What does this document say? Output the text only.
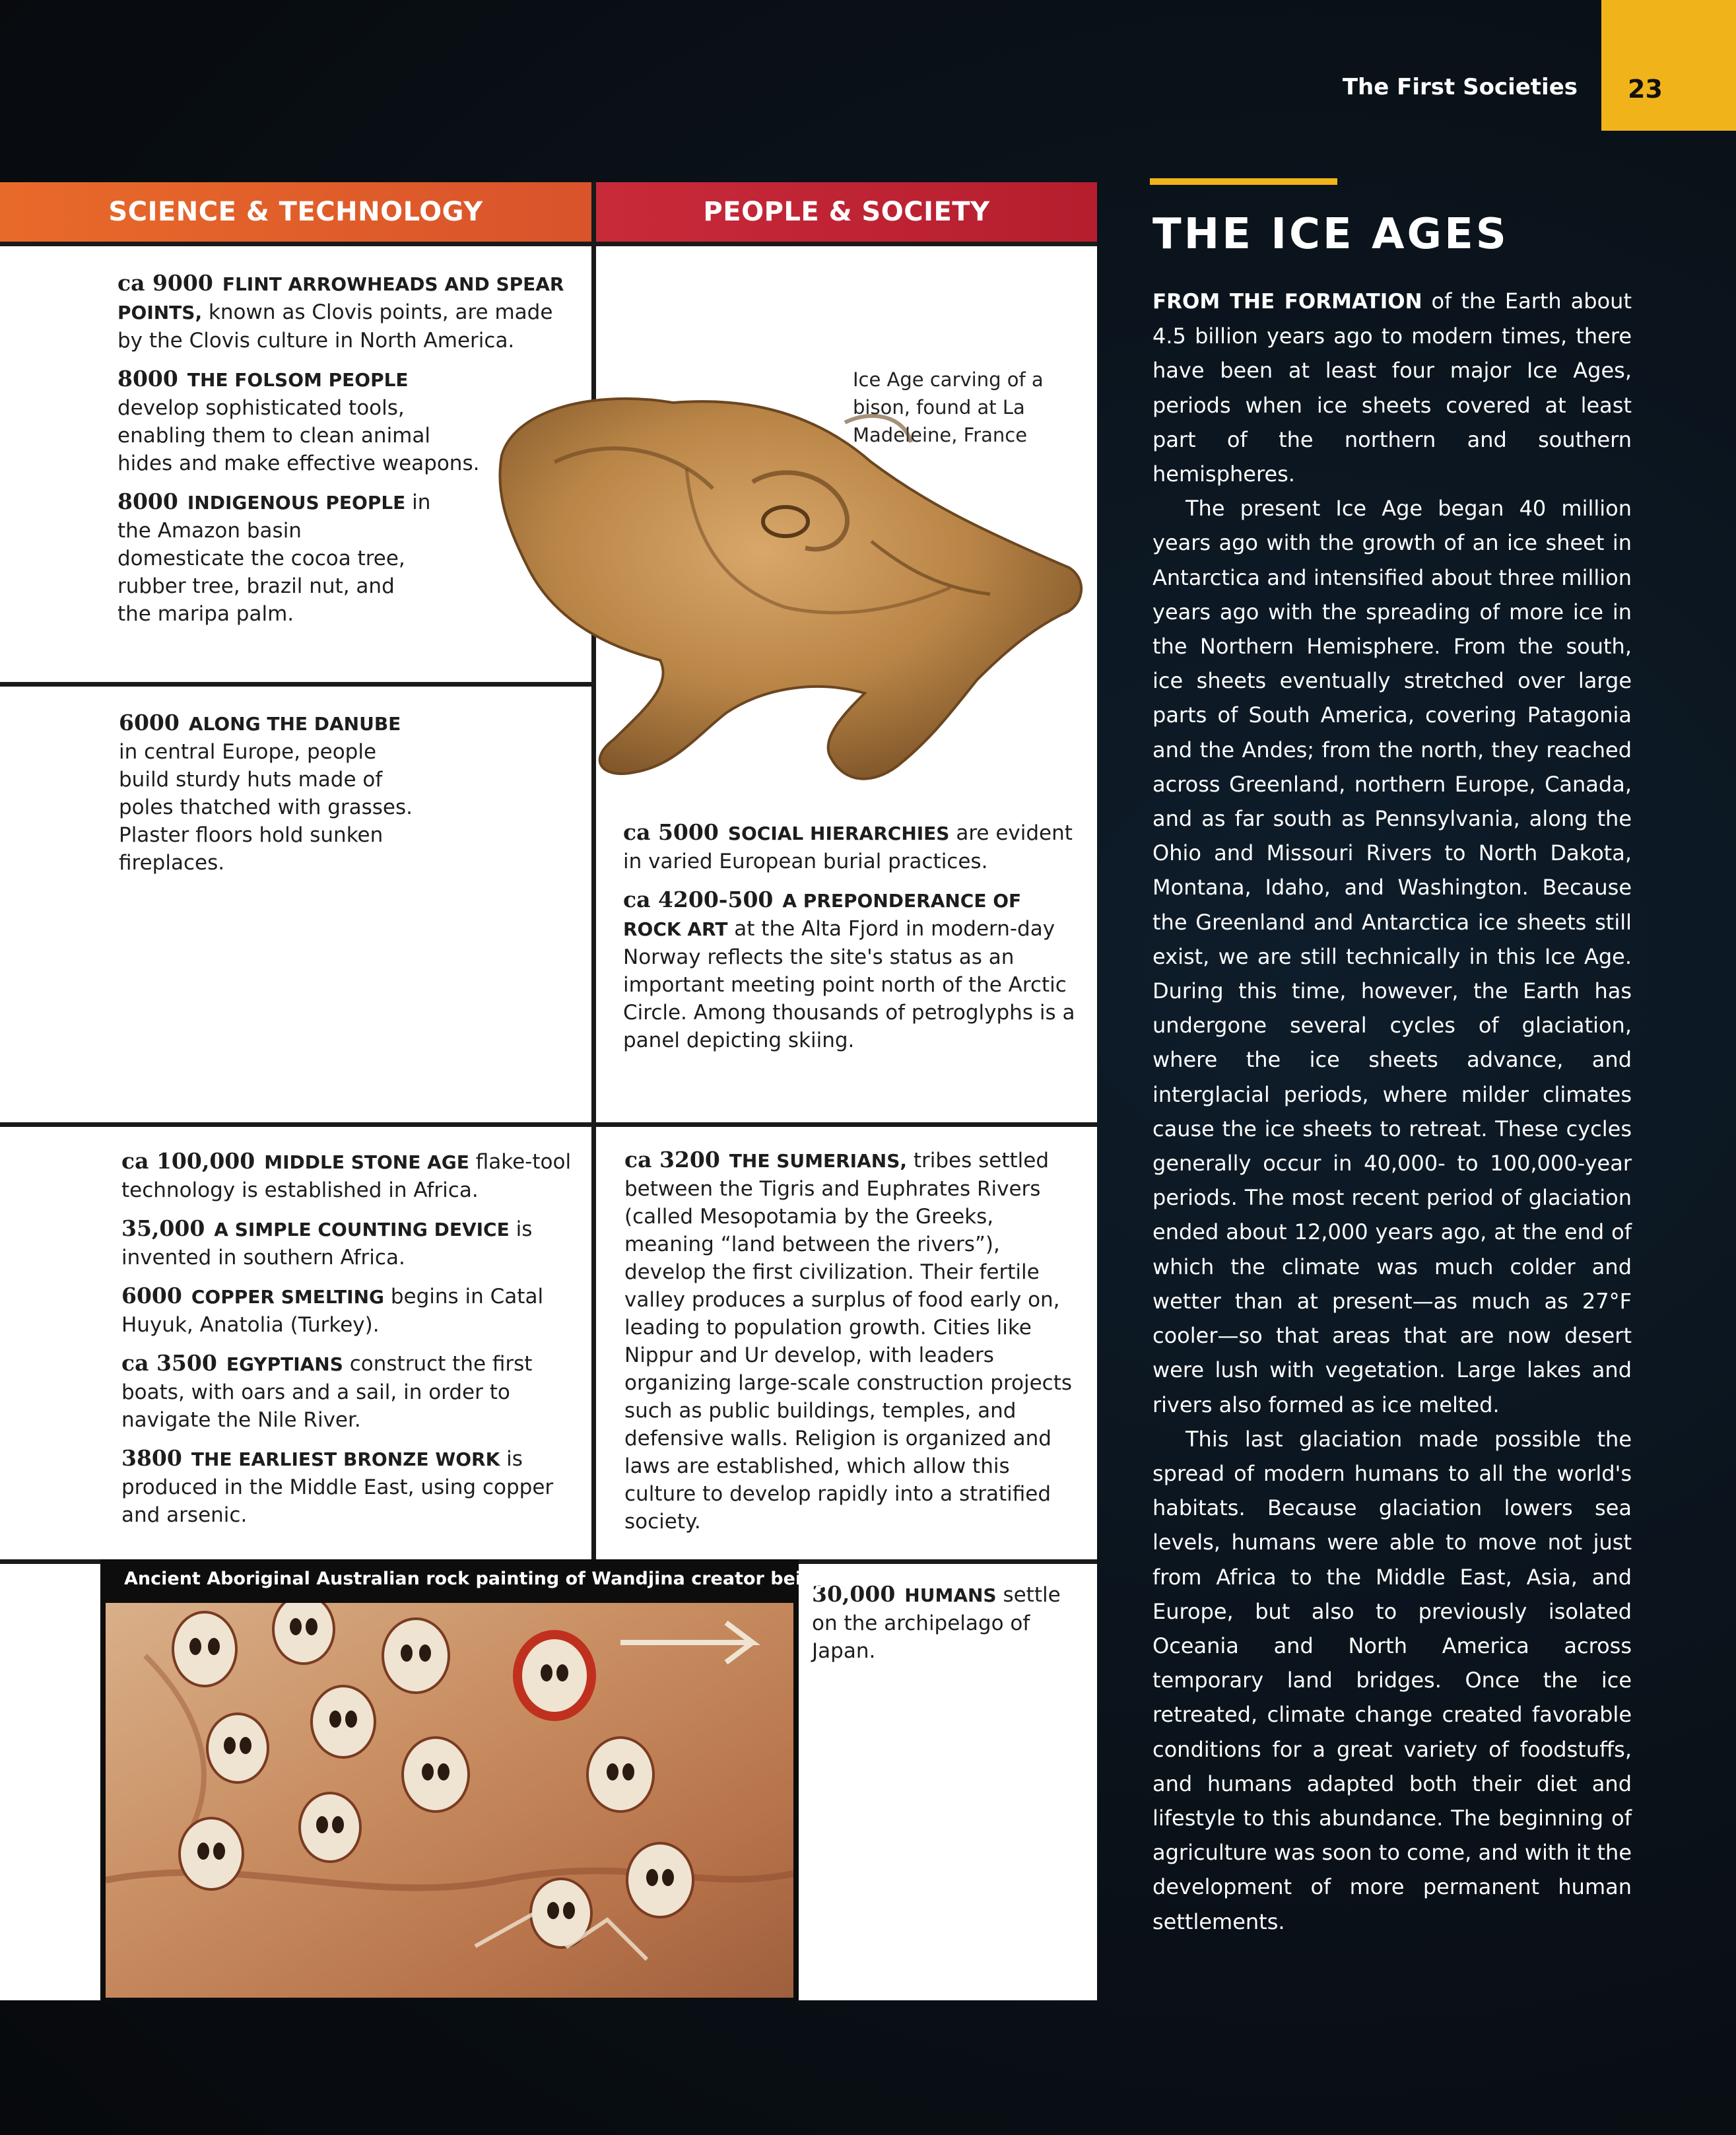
The First Societies	23
SCIENCE & TECHNOLOGY	PEOPLE & SOCIETY
ca 9000 FLINT ARROWHEADS AND SPEAR POINTS, known as Clovis points, are made by the Clovis culture in North America.
8000 THE FOLSOM PEOPLE develop sophisticated tools, enabling them to clean animal hides and make effective weapons.
8000 INDIGENOUS PEOPLE in the Amazon basin domesticate the cocoa tree, rubber tree, brazil nut, and the maripa palm.
6000 ALONG THE DANUBE in central Europe, people build sturdy huts made of poles thatched with grasses. Plaster floors hold sunken fireplaces.
ca 5000 SOCIAL HIERARCHIES are evident in varied European burial practices.
ca 4200-500 A PREPONDERANCE OF ROCK ART at the Alta Fjord in modern-day Norway reflects the site's status as an important meeting point north of the Arctic Circle. Among thousands of petroglyphs is a panel depicting skiing.
ca 100,000 MIDDLE STONE AGE flake-tool technology is established in Africa.
35,000 A SIMPLE COUNTING DEVICE is invented in southern Africa.
6000 COPPER SMELTING begins in Catal Huyuk, Anatolia (Turkey).
ca 3500 EGYPTIANS construct the first boats, with oars and a sail, in order to navigate the Nile River.
3800 THE EARLIEST BRONZE WORK is produced in the Middle East, using copper and arsenic.
ca 3200 THE SUMERIANS, tribes settled between the Tigris and Euphrates Rivers (called Mesopotamia by the Greeks, meaning “land between the rivers”), develop the first civilization. Their fertile valley produces a surplus of food early on, leading to population growth. Cities like Nippur and Ur develop, with leaders organizing large-scale construction projects such as public buildings, temples, and defensive walls. Religion is organized and laws are established, which allow this culture to develop rapidly into a stratified society.
30,000 HUMANS settle on the archipelago of Japan.
Ice Age carving of a bison, found at La Madeleine, France
Ancient Aboriginal Australian rock painting of Wandjina creator beings
THE ICE AGES

FROM THE FORMATION of the Earth about 4.5 billion years ago to modern times, there have been at least four major Ice Ages, periods when ice sheets covered at least part of the northern and southern hemispheres.

The present Ice Age began 40 million years ago with the growth of an ice sheet in Antarctica and intensified about three million years ago with the spreading of more ice in the Northern Hemisphere. From the south, ice sheets eventually stretched over large parts of South America, covering Patagonia and the Andes; from the north, they reached across Greenland, northern Europe, Canada, and as far south as Pennsylvania, along the Ohio and Missouri Rivers to North Dakota, Montana, Idaho, and Washington. Because the Greenland and Antarctica ice sheets still exist, we are still technically in this Ice Age. During this time, however, the Earth has undergone several cycles of glaciation, where the ice sheets advance, and interglacial periods, where milder climates cause the ice sheets to retreat. These cycles generally occur in 40,000- to 100,000-year periods. The most recent period of glaciation ended about 12,000 years ago, at the end of which the climate was much colder and wetter than at present—as much as 27°F cooler—so that areas that are now desert were lush with vegetation. Large lakes and rivers also formed as ice melted.

This last glaciation made possible the spread of modern humans to all the world's habitats. Because glaciation lowers sea levels, humans were able to move not just from Africa to the Middle East, Asia, and Europe, but also to previously isolated Oceania and North America across temporary land bridges. Once the ice retreated, climate change created favorable conditions for a great variety of foodstuffs, and humans adapted both their diet and lifestyle to this abundance. The beginning of agriculture was soon to come, and with it the development of more permanent human settlements.
